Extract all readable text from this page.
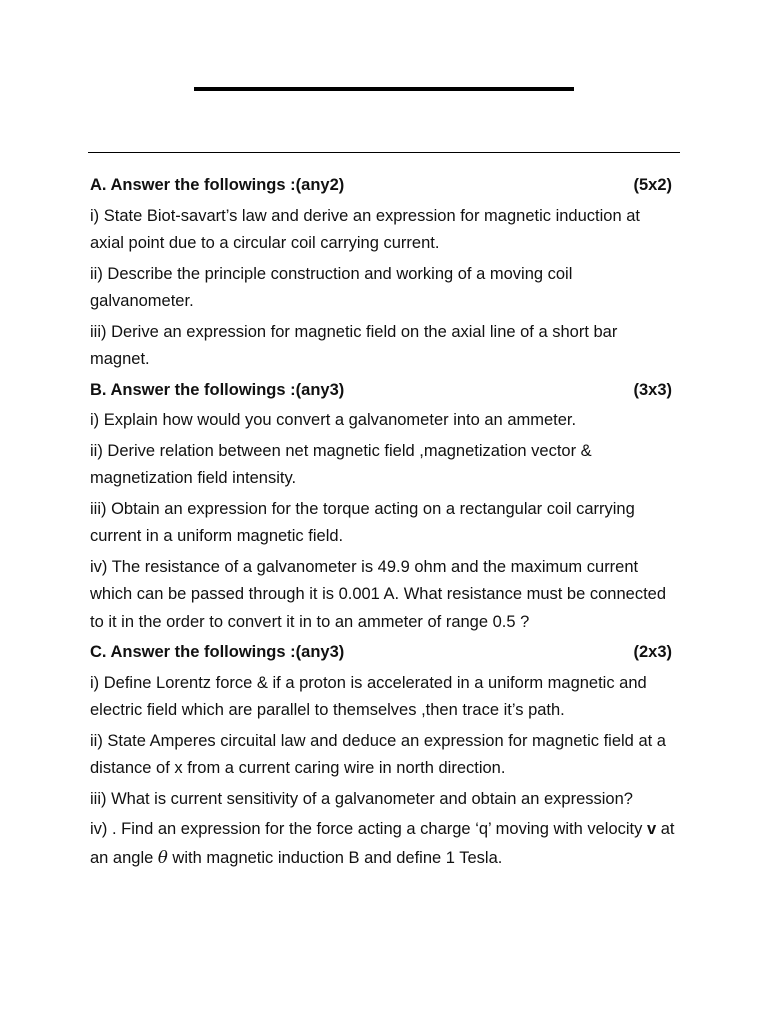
A. Answer the followings :(any2)	(5x2)

i) State Biot-savart’s law and derive an expression for magnetic induction at axial point due to a circular coil carrying current.

ii) Describe the principle construction and working of a moving coil galvanometer.

iii) Derive an expression for magnetic field on the axial line of a short bar magnet.

B. Answer the followings :(any3)	(3x3)

i) Explain how would you convert a galvanometer into an ammeter.

ii) Derive relation between net magnetic field ,magnetization vector & magnetization field intensity.

iii) Obtain an expression for the torque acting on a rectangular coil carrying current in a uniform magnetic field.

iv) The resistance of a galvanometer is 49.9 ohm and the maximum current which can be passed through it is 0.001 A. What resistance must be connected to it in the order to convert it in to an ammeter of range 0.5 ?

C. Answer the followings :(any3)	(2x3)

i) Define Lorentz force & if a proton is accelerated in a uniform magnetic and electric field which are parallel to themselves ,then trace it’s path.

ii) State Amperes circuital law and deduce an expression for magnetic field at a distance of x from a current caring wire in north direction.

iii) What is current sensitivity of a galvanometer and obtain an expression?

iv) . Find an expression for the force acting a charge ‘q’ moving with velocity v at an angle θ with magnetic induction B and define 1 Tesla.
